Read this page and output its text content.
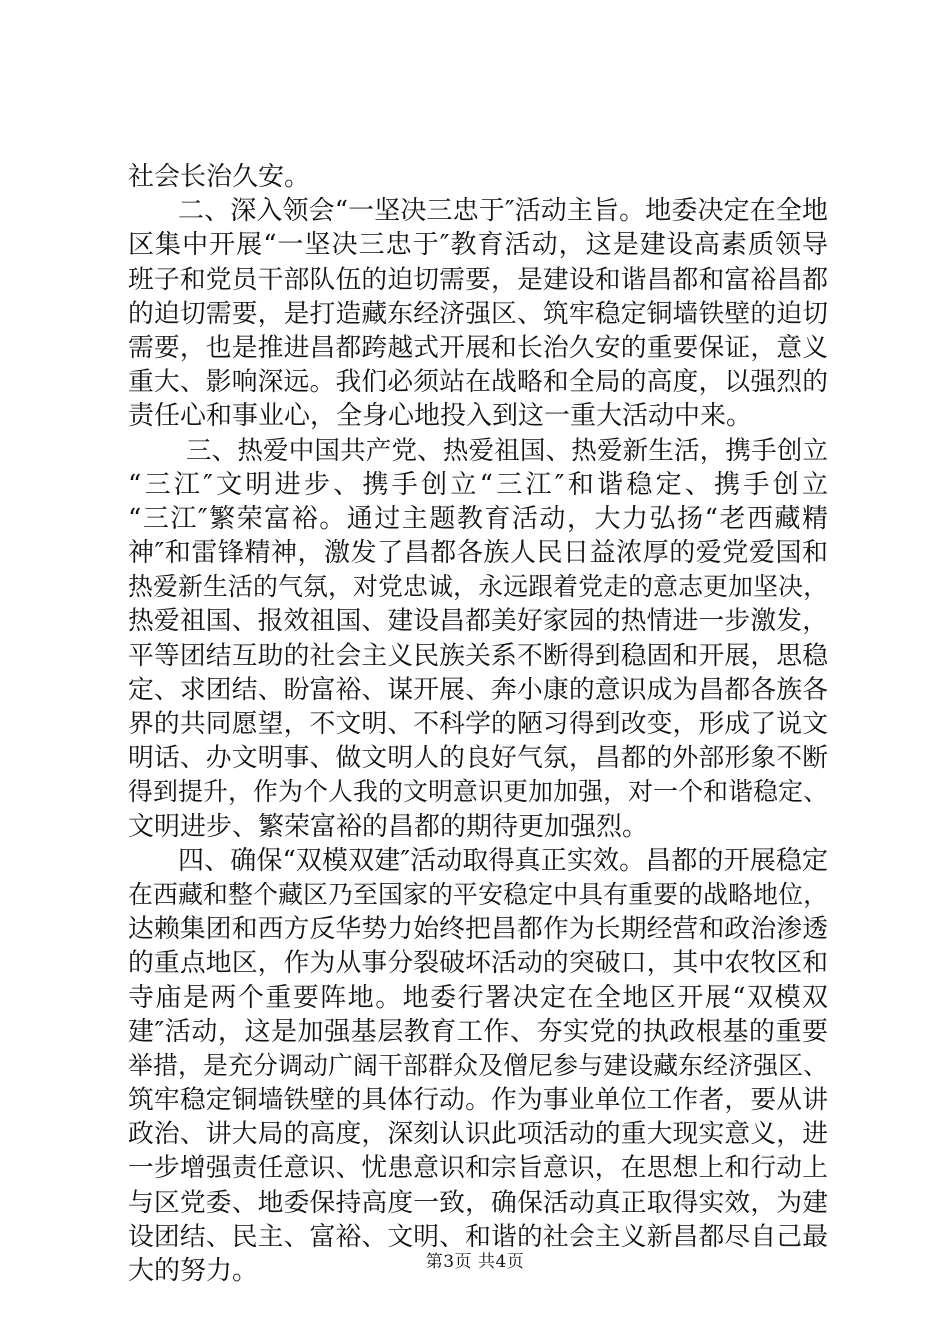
社会长治久安。
二、深入领会“一坚决三忠于″活动主旨。地委决定在全地
区集中开展“一坚决三忠于″教育活动，这是建设高素质领导
班子和党员干部队伍的迫切需要，是建设和谐昌都和富裕昌都
的迫切需要，是打造藏东经济强区、筑牢稳定铜墙铁壁的迫切
需要，也是推进昌都跨越式开展和长治久安的重要保证，意义
重大、影响深远。我们必须站在战略和全局的高度，以强烈的
责任心和事业心，全身心地投入到这一重大活动中来。
三、热爱中国共产党、热爱祖国、热爱新生活，携手创立
“三江″文明进步、携手创立“三江″和谐稳定、携手创立
“三江″繁荣富裕。通过主题教育活动，大力弘扬“老西藏精
神″和雷锋精神，激发了昌都各族人民日益浓厚的爱党爱国和
热爱新生活的气氛，对党忠诚，永远跟着党走的意志更加坚决，
热爱祖国、报效祖国、建设昌都美好家园的热情进一步激发，
平等团结互助的社会主义民族关系不断得到稳固和开展，思稳
定、求团结、盼富裕、谋开展、奔小康的意识成为昌都各族各
界的共同愿望，不文明、不科学的陋习得到改变，形成了说文
明话、办文明事、做文明人的良好气氛，昌都的外部形象不断
得到提升，作为个人我的文明意识更加加强，对一个和谐稳定、
文明进步、繁荣富裕的昌都的期待更加强烈。
四、确保“双模双建″活动取得真正实效。昌都的开展稳定
在西藏和整个藏区乃至国家的平安稳定中具有重要的战略地位，
达赖集团和西方反华势力始终把昌都作为长期经营和政治渗透
的重点地区，作为从事分裂破坏活动的突破口，其中农牧区和
寺庙是两个重要阵地。地委行署决定在全地区开展“双模双
建″活动，这是加强基层教育工作、夯实党的执政根基的重要
举措，是充分调动广阔干部群众及僧尼参与建设藏东经济强区、
筑牢稳定铜墙铁壁的具体行动。作为事业单位工作者，要从讲
政治、讲大局的高度，深刻认识此项活动的重大现实意义，进
一步增强责任意识、忧患意识和宗旨意识，在思想上和行动上
与区党委、地委保持高度一致，确保活动真正取得实效，为建
设团结、民主、富裕、文明、和谐的社会主义新昌都尽自己最
大的努力。	第3页 共4页
